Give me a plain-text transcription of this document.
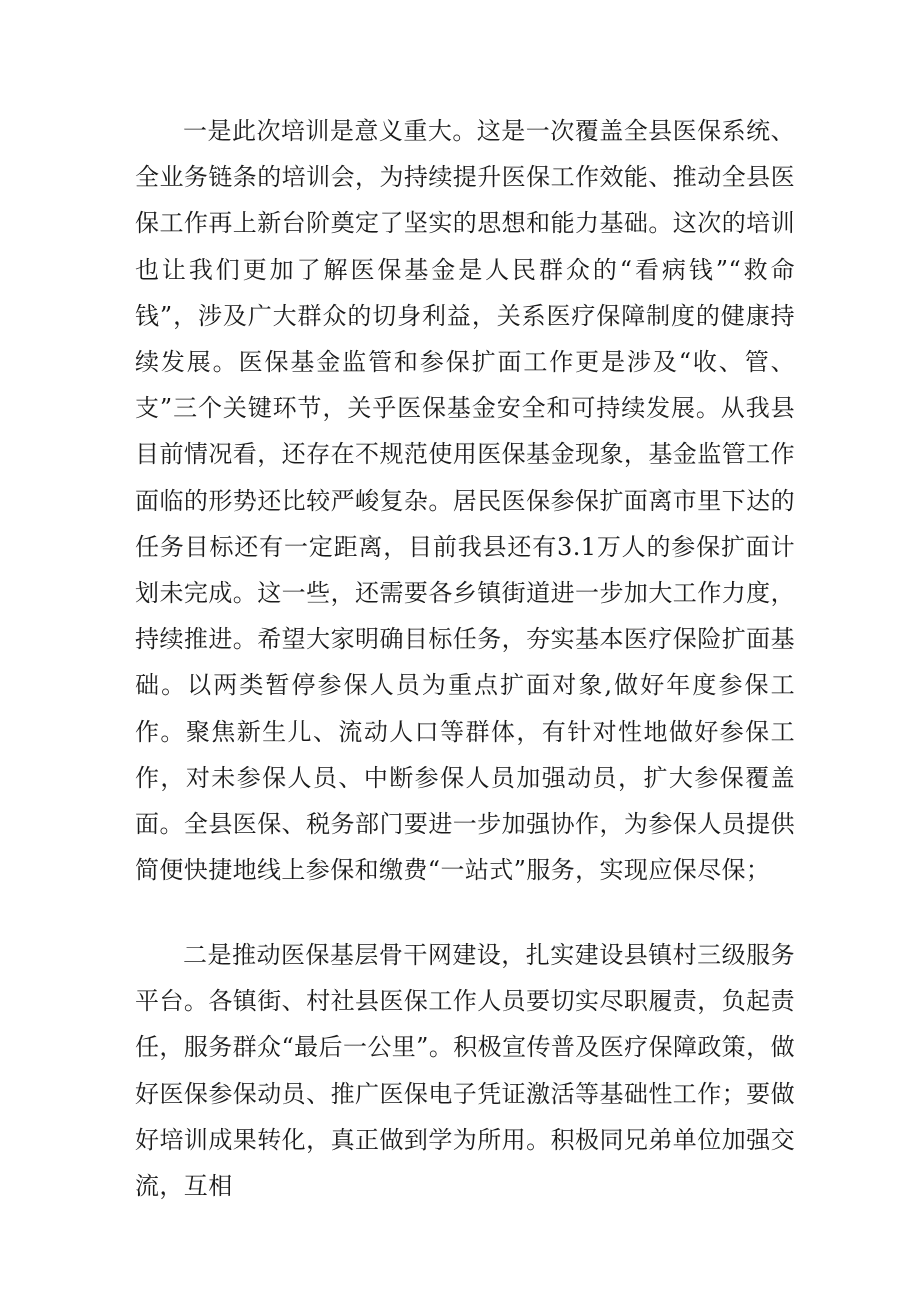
一是此次培训是意义重大。这是一次覆盖全县医保系统、全业务链条的培训会，为持续提升医保工作效能、推动全县医保工作再上新台阶奠定了坚实的思想和能力基础。这次的培训也让我们更加了解医保基金是人民群众的“看病钱”“救命钱”，涉及广大群众的切身利益，关系医疗保障制度的健康持续发展。医保基金监管和参保扩面工作更是涉及“收、管、支”三个关键环节，关乎医保基金安全和可持续发展。从我县目前情况看，还存在不规范使用医保基金现象，基金监管工作面临的形势还比较严峻复杂。居民医保参保扩面离市里下达的任务目标还有一定距离，目前我县还有3.1万人的参保扩面计划未完成。这一些，还需要各乡镇街道进一步加大工作力度，持续推进。希望大家明确目标任务，夯实基本医疗保险扩面基础。以两类暂停参保人员为重点扩面对象,做好年度参保工作。聚焦新生儿、流动人口等群体，有针对性地做好参保工作，对未参保人员、中断参保人员加强动员，扩大参保覆盖面。全县医保、税务部门要进一步加强协作，为参保人员提供简便快捷地线上参保和缴费“一站式”服务，实现应保尽保；

二是推动医保基层骨干网建设，扎实建设县镇村三级服务平台。各镇街、村社县医保工作人员要切实尽职履责，负起责任，服务群众“最后一公里”。积极宣传普及医疗保障政策，做好医保参保动员、推广医保电子凭证激活等基础性工作；要做好培训成果转化，真正做到学为所用。积极同兄弟单位加强交流，互相
